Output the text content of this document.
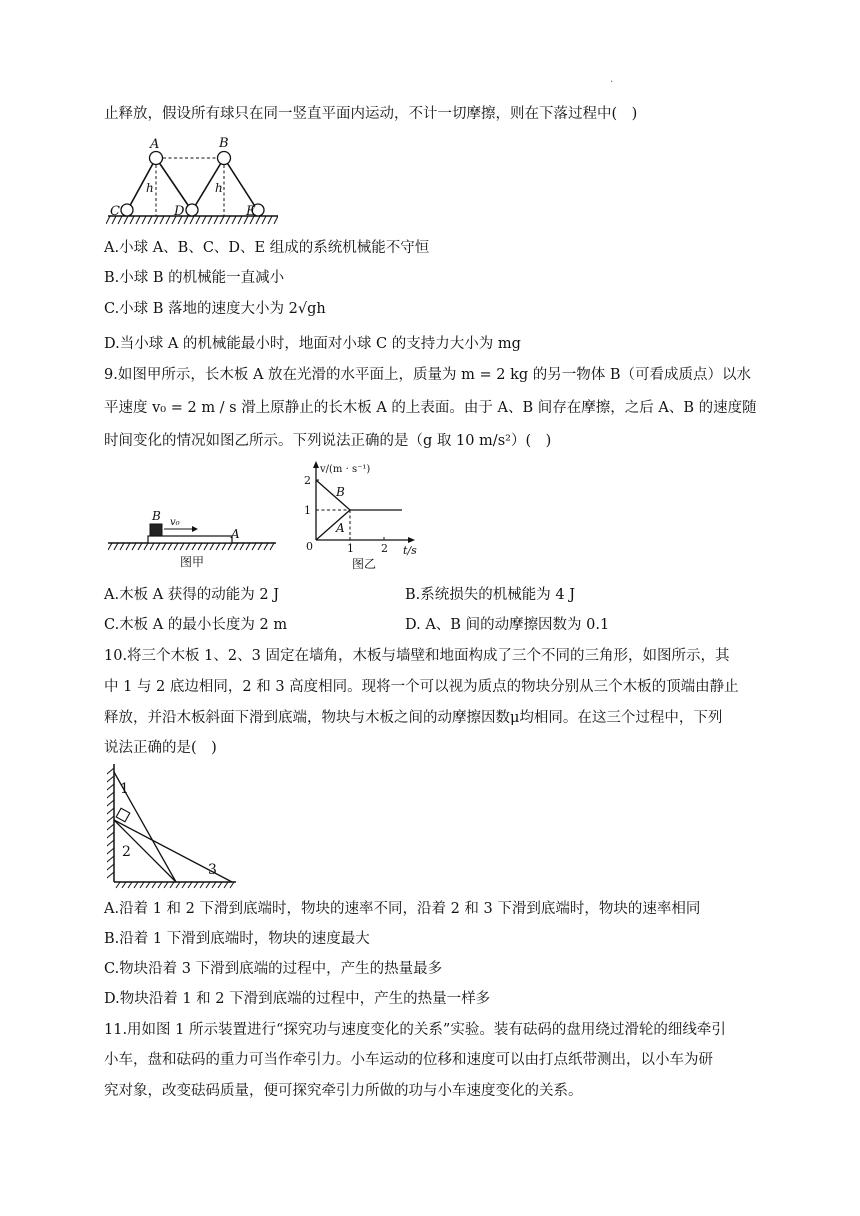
.
止释放，假设所有球只在同一竖直平面内运动，不计一切摩擦，则在下落过程中(　)
A	B
C	D	E
h	h
A.小球 A、B、C、D、E 组成的系统机械能不守恒
B.小球 B 的机械能一直减小
C.小球 B 落地的速度大小为 2√gh
D.当小球 A 的机械能最小时，地面对小球 C 的支持力大小为 mg
9.如图甲所示，长木板 A 放在光滑的水平面上，质量为 m = 2 kg 的另一物体 B（可看成质点）以水
平速度 v₀ = 2 m / s 滑上原静止的长木板 A 的上表面。由于 A、B 间存在摩擦，之后 A、B 的速度随
时间变化的情况如图乙所示。下列说法正确的是（g 取 10 m/s²）(　)
B v₀
A
图甲
v/(m · s⁻¹)
2
1
0	1 2 t/s
B
A
图乙
A.木板 A 获得的动能为 2 J	B.系统损失的机械能为 4 J
C.木板 A 的最小长度为 2 m	D. A、B 间的动摩擦因数为 0.1
10.将三个木板 1、2、3 固定在墙角，木板与墙壁和地面构成了三个不同的三角形，如图所示，其
中 1 与 2 底边相同，2 和 3 高度相同。现将一个可以视为质点的物块分别从三个木板的顶端由静止
释放，并沿木板斜面下滑到底端，物块与木板之间的动摩擦因数μ均相同。在这三个过程中，下列
说法正确的是(　)
1
2
3
A.沿着 1 和 2 下滑到底端时，物块的速率不同，沿着 2 和 3 下滑到底端时，物块的速率相同
B.沿着 1 下滑到底端时，物块的速度最大
C.物块沿着 3 下滑到底端的过程中，产生的热量最多
D.物块沿着 1 和 2 下滑到底端的过程中，产生的热量一样多
11.用如图 1 所示装置进行“探究功与速度变化的关系”实验。装有砝码的盘用绕过滑轮的细线牵引
小车，盘和砝码的重力可当作牵引力。小车运动的位移和速度可以由打点纸带测出，以小车为研
究对象，改变砝码质量，便可探究牵引力所做的功与小车速度变化的关系。
